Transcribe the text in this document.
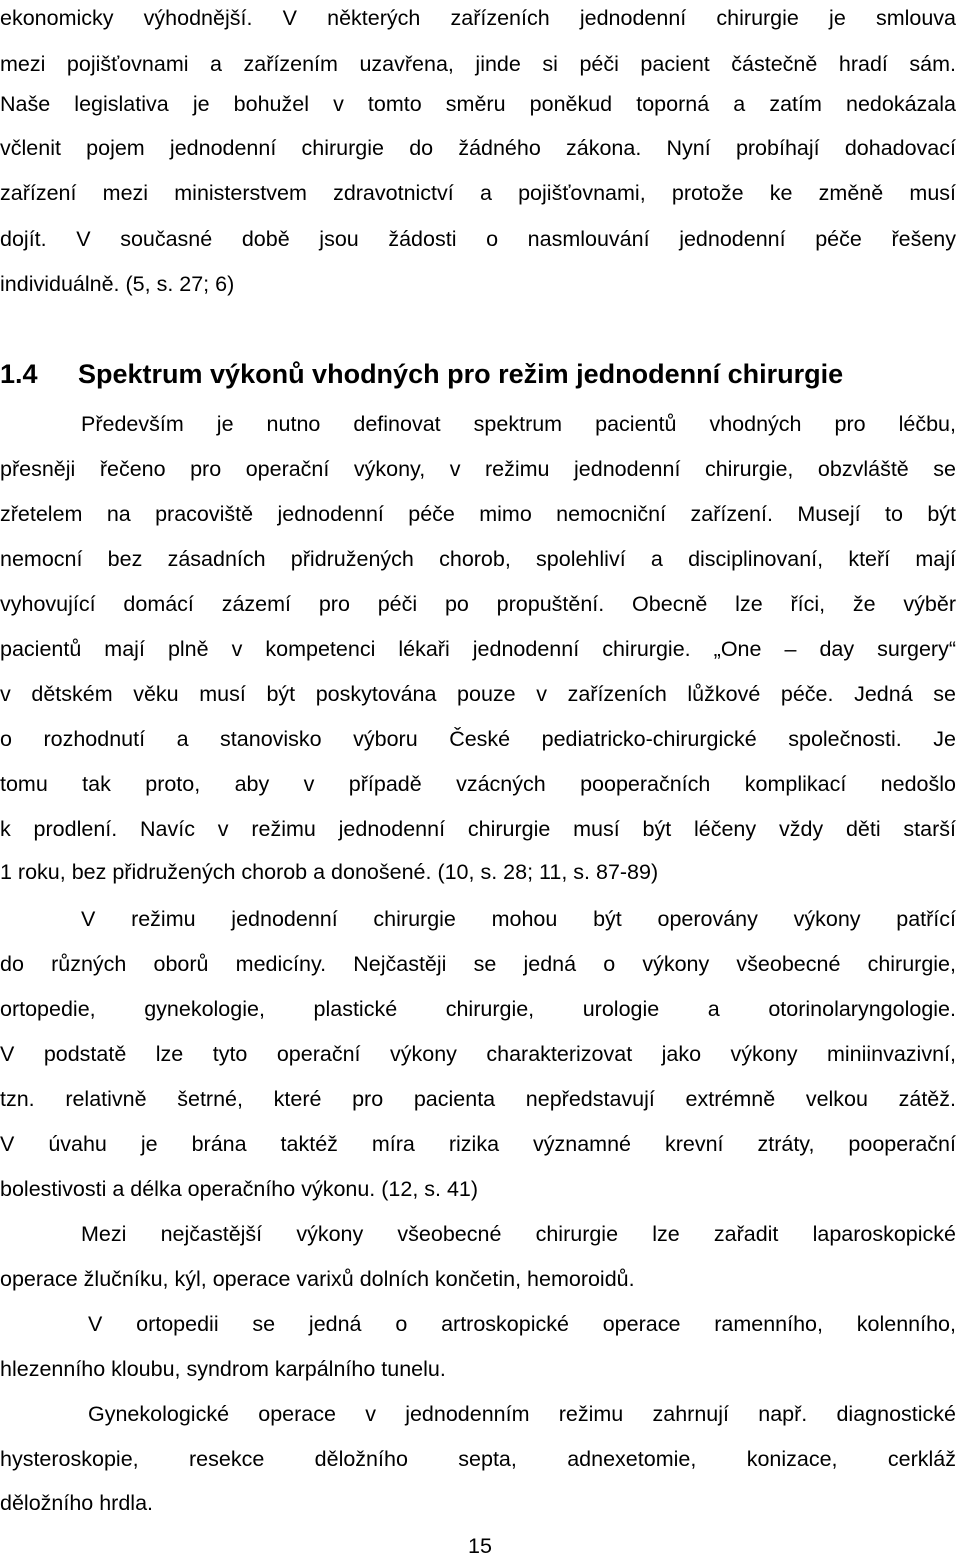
ekonomicky výhodnější. V některých zařízeních jednodenní chirurgie je smlouva
mezi pojišťovnami a zařízením uzavřena, jinde si péči pacient částečně hradí sám.
Naše legislativa je bohužel v tomto směru poněkud toporná a zatím nedokázala
včlenit pojem jednodenní chirurgie do žádného zákona. Nyní probíhají dohadovací
zařízení mezi ministerstvem zdravotnictví a pojišťovnami, protože ke změně musí
dojít. V současné době jsou žádosti o nasmlouvání jednodenní péče řešeny
individuálně. (5, s. 27; 6)
1.4 Spektrum výkonů vhodných pro režim jednodenní chirurgie
Především je nutno definovat spektrum pacientů vhodných pro léčbu,
přesněji řečeno pro operační výkony, v režimu jednodenní chirurgie, obzvláště se
zřetelem na pracoviště jednodenní péče mimo nemocniční zařízení. Musejí to být
nemocní bez zásadních přidružených chorob, spolehliví a disciplinovaní, kteří mají
vyhovující domácí zázemí pro péči po propuštění. Obecně lze říci, že výběr
pacientů mají plně v kompetenci lékaři jednodenní chirurgie. „One – day surgery“
v dětském věku musí být poskytována pouze v zařízeních lůžkové péče. Jedná se
o rozhodnutí a stanovisko výboru České pediatricko-chirurgické společnosti. Je
tomu tak proto, aby v případě vzácných pooperačních komplikací nedošlo
k prodlení. Navíc v režimu jednodenní chirurgie musí být léčeny vždy děti starší
1 roku, bez přidružených chorob a donošené. (10, s. 28; 11, s. 87-89)
V režimu jednodenní chirurgie mohou být operovány výkony patřící
do různých oborů medicíny. Nejčastěji se jedná o výkony všeobecné chirurgie,
ortopedie, gynekologie, plastické chirurgie, urologie a otorinolaryngologie.
V podstatě lze tyto operační výkony charakterizovat jako výkony miniinvazivní,
tzn. relativně šetrné, které pro pacienta nepředstavují extrémně velkou zátěž.
V úvahu je brána taktéž míra rizika významné krevní ztráty, pooperační
bolestivosti a délka operačního výkonu. (12, s. 41)
Mezi nejčastější výkony všeobecné chirurgie lze zařadit laparoskopické
operace žlučníku, kýl, operace varixů dolních končetin, hemoroidů.
V ortopedii se jedná o artroskopické operace ramenního, kolenního,
hlezenního kloubu, syndrom karpálního tunelu.
Gynekologické operace v jednodenním režimu zahrnují např. diagnostické
hysteroskopie, resekce děložního septa, adnexetomie, konizace, cerkláž
děložního hrdla.
15
